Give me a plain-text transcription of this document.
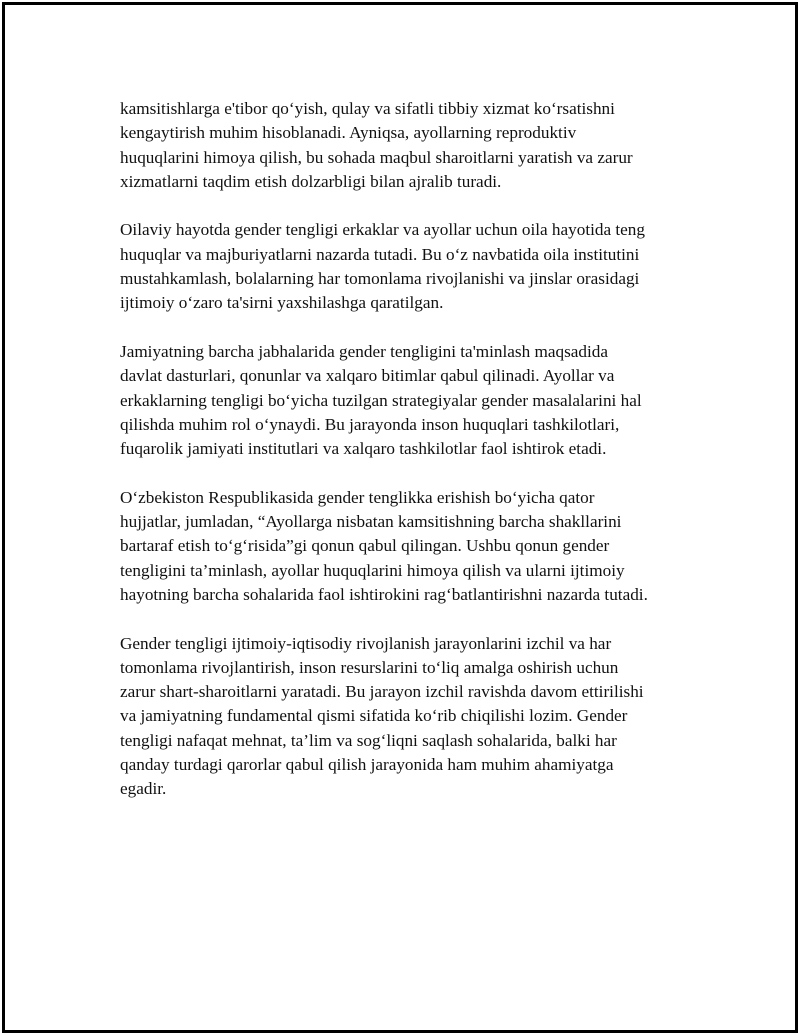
kamsitishlarga e'tibor qo‘yish, qulay va sifatli tibbiy xizmat ko‘rsatishni
kengaytirish muhim hisoblanadi. Ayniqsa, ayollarning reproduktiv
huquqlarini himoya qilish, bu sohada maqbul sharoitlarni yaratish va zarur
xizmatlarni taqdim etish dolzarbligi bilan ajralib turadi.

Oilaviy hayotda gender tengligi erkaklar va ayollar uchun oila hayotida teng
huquqlar va majburiyatlarni nazarda tutadi. Bu o‘z navbatida oila institutini
mustahkamlash, bolalarning har tomonlama rivojlanishi va jinslar orasidagi
ijtimoiy o‘zaro ta'sirni yaxshilashga qaratilgan.

Jamiyatning barcha jabhalarida gender tengligini ta'minlash maqsadida
davlat dasturlari, qonunlar va xalqaro bitimlar qabul qilinadi. Ayollar va
erkaklarning tengligi bo‘yicha tuzilgan strategiyalar gender masalalarini hal
qilishda muhim rol o‘ynaydi. Bu jarayonda inson huquqlari tashkilotlari,
fuqarolik jamiyati institutlari va xalqaro tashkilotlar faol ishtirok etadi.

O‘zbekiston Respublikasida gender tenglikka erishish bo‘yicha qator
hujjatlar, jumladan, “Ayollarga nisbatan kamsitishning barcha shakllarini
bartaraf etish to‘g‘risida”gi qonun qabul qilingan. Ushbu qonun gender
tengligini ta’minlash, ayollar huquqlarini himoya qilish va ularni ijtimoiy
hayotning barcha sohalarida faol ishtirokini rag‘batlantirishni nazarda tutadi.

Gender tengligi ijtimoiy-iqtisodiy rivojlanish jarayonlarini izchil va har
tomonlama rivojlantirish, inson resurslarini to‘liq amalga oshirish uchun
zarur shart-sharoitlarni yaratadi. Bu jarayon izchil ravishda davom ettirilishi
va jamiyatning fundamental qismi sifatida ko‘rib chiqilishi lozim. Gender
tengligi nafaqat mehnat, ta’lim va sog‘liqni saqlash sohalarida, balki har
qanday turdagi qarorlar qabul qilish jarayonida ham muhim ahamiyatga
egadir.
